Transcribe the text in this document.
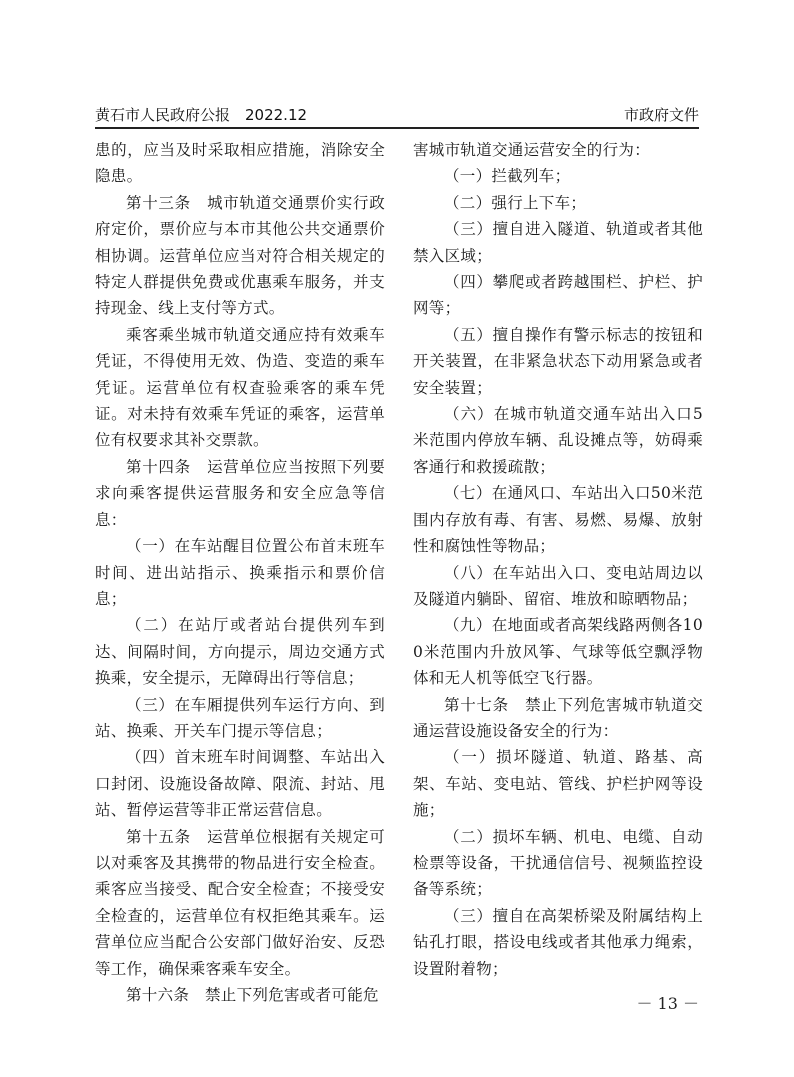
黄石市人民政府公报　2022.12	市政府文件

患的，应当及时采取相应措施，消除安全隐患。

第十三条　城市轨道交通票价实行政府定价，票价应与本市其他公共交通票价相协调。运营单位应当对符合相关规定的特定人群提供免费或优惠乘车服务，并支持现金、线上支付等方式。

乘客乘坐城市轨道交通应持有效乘车凭证，不得使用无效、伪造、变造的乘车凭证。运营单位有权查验乘客的乘车凭证。对未持有效乘车凭证的乘客，运营单位有权要求其补交票款。

第十四条　运营单位应当按照下列要求向乘客提供运营服务和安全应急等信息：

（一）在车站醒目位置公布首末班车时间、进出站指示、换乘指示和票价信息；

（二）在站厅或者站台提供列车到达、间隔时间，方向提示，周边交通方式换乘，安全提示，无障碍出行等信息；

（三）在车厢提供列车运行方向、到站、换乘、开关车门提示等信息；

（四）首末班车时间调整、车站出入口封闭、设施设备故障、限流、封站、甩站、暂停运营等非正常运营信息。

第十五条　运营单位根据有关规定可以对乘客及其携带的物品进行安全检查。乘客应当接受、配合安全检查；不接受安全检查的，运营单位有权拒绝其乘车。运营单位应当配合公安部门做好治安、反恐等工作，确保乘客乘车安全。

第十六条　禁止下列危害或者可能危

害城市轨道交通运营安全的行为：

（一）拦截列车；

（二）强行上下车；

（三）擅自进入隧道、轨道或者其他禁入区域；

（四）攀爬或者跨越围栏、护栏、护网等；

（五）擅自操作有警示标志的按钮和开关装置，在非紧急状态下动用紧急或者安全装置；

（六）在城市轨道交通车站出入口5米范围内停放车辆、乱设摊点等，妨碍乘客通行和救援疏散；

（七）在通风口、车站出入口50米范围内存放有毒、有害、易燃、易爆、放射性和腐蚀性等物品；

（八）在车站出入口、变电站周边以及隧道内躺卧、留宿、堆放和晾晒物品；

（九）在地面或者高架线路两侧各100米范围内升放风筝、气球等低空飘浮物体和无人机等低空飞行器。

第十七条　禁止下列危害城市轨道交通运营设施设备安全的行为：

（一）损坏隧道、轨道、路基、高架、车站、变电站、管线、护栏护网等设施；

（二）损坏车辆、机电、电缆、自动检票等设备，干扰通信信号、视频监控设备等系统；

（三）擅自在高架桥梁及附属结构上钻孔打眼，搭设电线或者其他承力绳索，设置附着物；

－ 13 －
